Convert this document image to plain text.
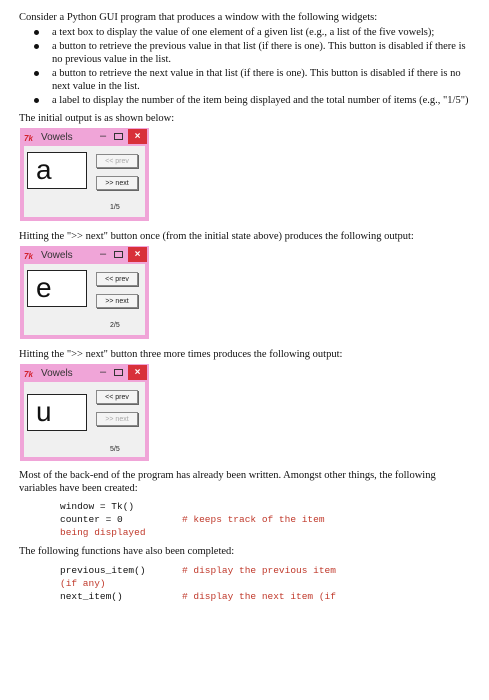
Consider a Python GUI program that produces a window with the following widgets:

a text box to display the value of one element of a given list (e.g., a list of the five vowels);
a button to retrieve the previous value in that list (if there is one). This button is disabled if there is no previous value in the list.
a button to retrieve the next value in that list (if there is one). This button is disabled if there is no next value in the list.
a label to display the number of the item being displayed and the total number of items (e.g., "1/5")

The initial output is as shown below:

7k Vowels –	×
a	<< prev
>> next
1/5

Hitting the ">> next" button once (from the initial state above) produces the following output:

7k Vowels –	×
e	<< prev
>> next
2/5

Hitting the ">> next" button three more times produces the following output:

7k Vowels –	×
u	<< prev
>> next
5/5

Most of the back-end of the program has already been written. Amongst other things, the following variables have been created:

window = Tk()
counter = 0	# keeps track of the item
being displayed

The following functions have also been completed:

previous_item()	# display the previous item
(if any)
next_item()	# display the next item (if
